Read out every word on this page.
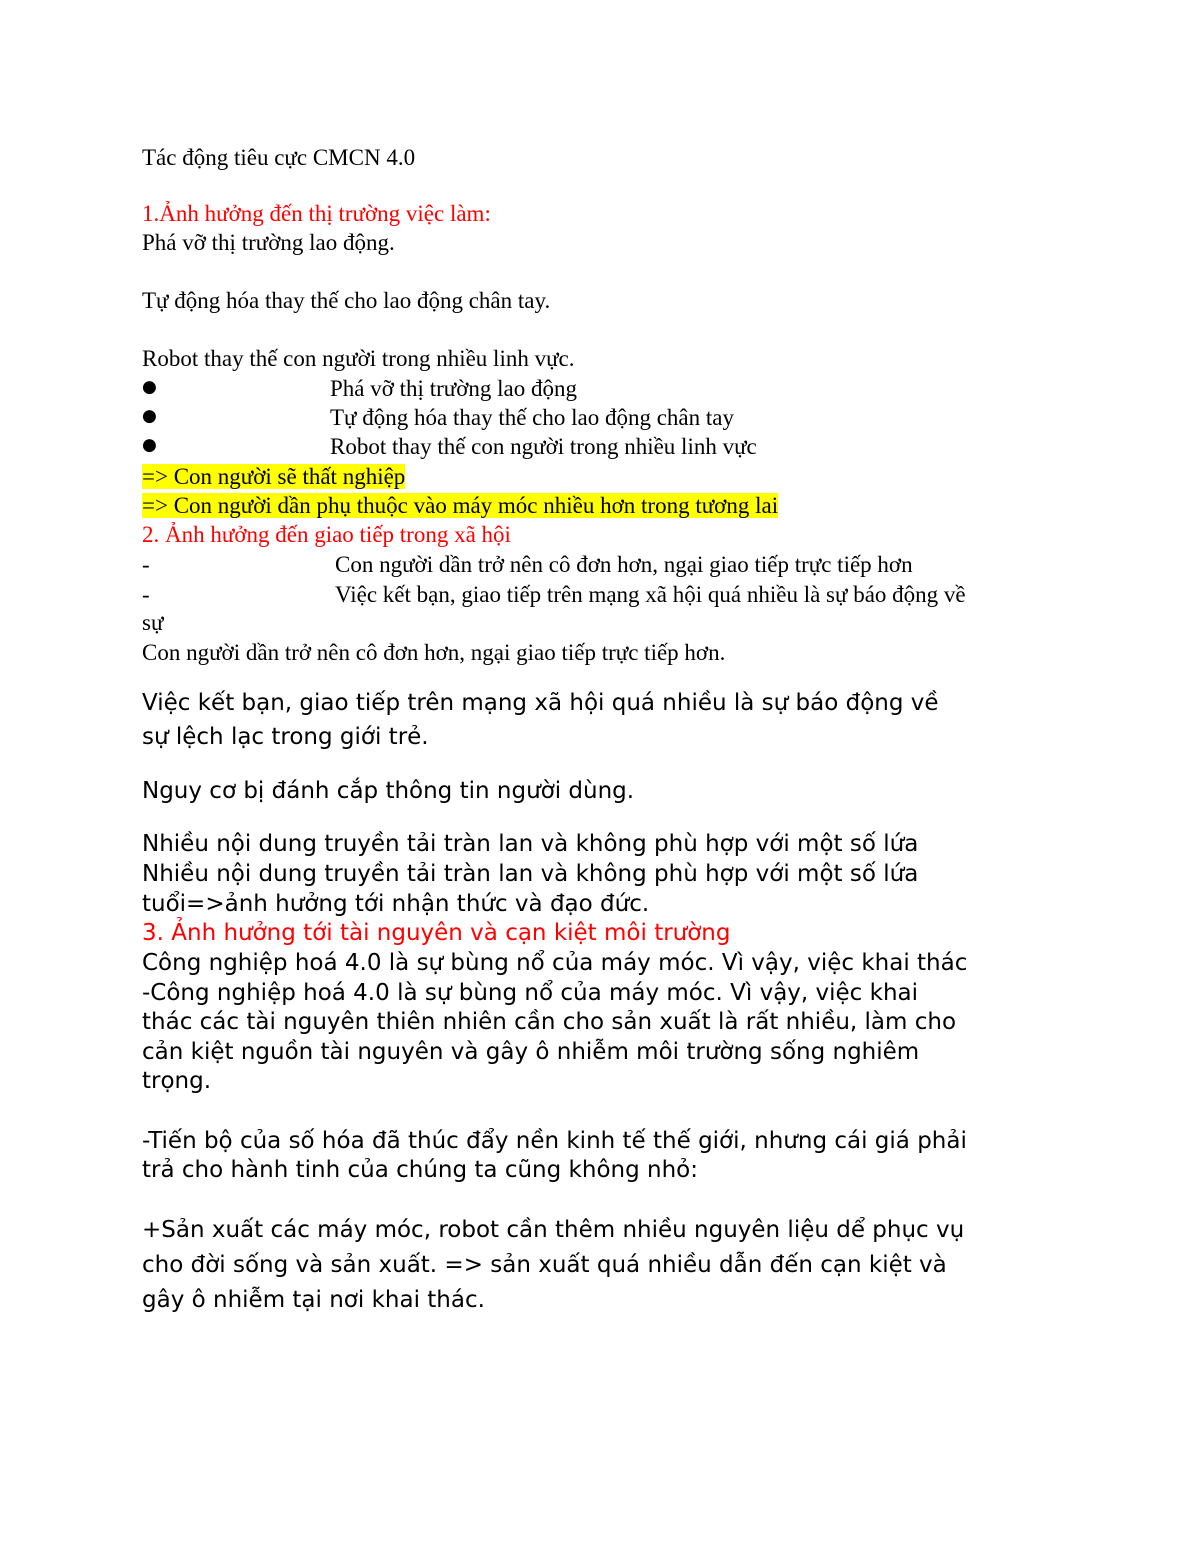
Tác động tiêu cực CMCN 4.0

1.Ảnh hưởng đến thị trường việc làm:

Phá vỡ thị trường lao động.

Tự động hóa thay thế cho lao động chân tay.

Robot thay thế con người trong nhiều linh vực.

●	Phá vỡ thị trường lao động

●	Tự động hóa thay thế cho lao động chân tay

●	Robot thay thế con người trong nhiều linh vực

=> Con người sẽ thất nghiệp

=> Con người dần phụ thuộc vào máy móc nhiều hơn trong tương lai

2. Ảnh hưởng đến giao tiếp trong xã hội

-	Con người dần trở nên cô đơn hơn, ngại giao tiếp trực tiếp hơn

-	Việc kết bạn, giao tiếp trên mạng xã hội quá nhiều là sự báo động về

sự

Con người dần trở nên cô đơn hơn, ngại giao tiếp trực tiếp hơn.

Việc kết bạn, giao tiếp trên mạng xã hội quá nhiều là sự báo động về

sự lệch lạc trong giới trẻ.

Nguy cơ bị đánh cắp thông tin người dùng.

Nhiều nội dung truyền tải tràn lan và không phù hợp với một số lứa

Nhiều nội dung truyền tải tràn lan và không phù hợp với một số lứa

tuổi=>ảnh hưởng tới nhận thức và đạo đức.

3. Ảnh hưởng tới tài nguyên và cạn kiệt môi trường

Công nghiệp hoá 4.0 là sự bùng nổ của máy móc. Vì vậy, việc khai thác

-Công nghiệp hoá 4.0 là sự bùng nổ của máy móc. Vì vậy, việc khai

thác các tài nguyên thiên nhiên cần cho sản xuất là rất nhiều, làm cho

cản kiệt nguồn tài nguyên và gây ô nhiễm môi trường sống nghiêm

trọng.

-Tiến bộ của số hóa đã thúc đẩy nền kinh tế thế giới, nhưng cái giá phải

trả cho hành tinh của chúng ta cũng không nhỏ:

+Sản xuất các máy móc, robot cần thêm nhiều nguyên liệu dể phục vụ

cho đời sống và sản xuất. => sản xuất quá nhiều dẫn đến cạn kiệt và

gây ô nhiễm tại nơi khai thác.
